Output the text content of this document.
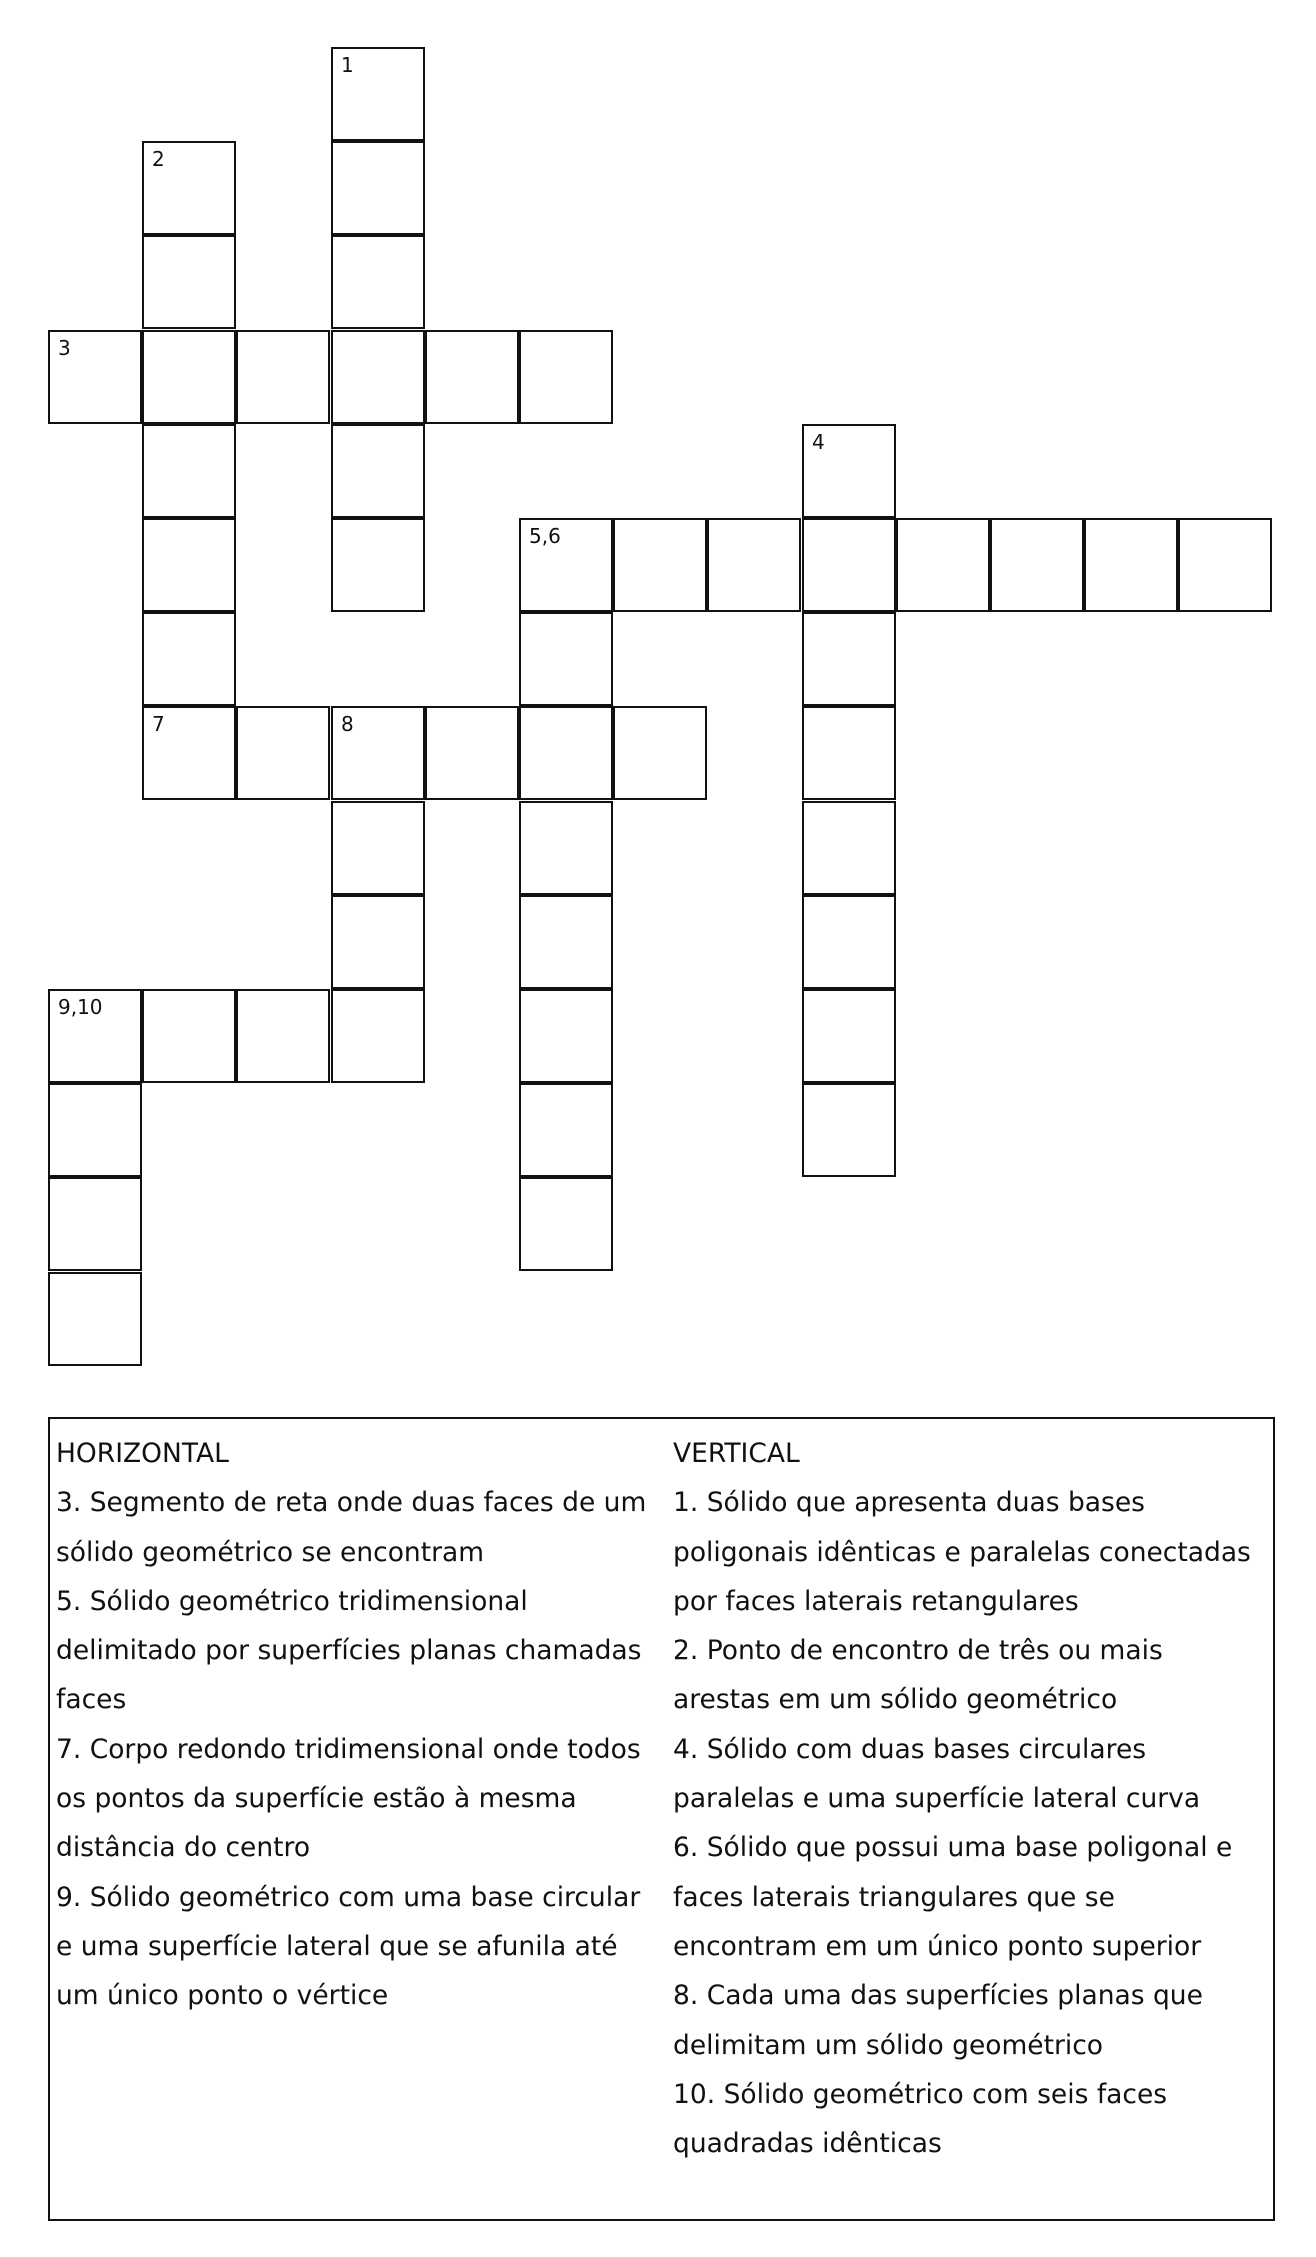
1
2
3
4
5,6
7	8
9,10
HORIZONTAL
3. Segmento de reta onde duas faces de um
sólido geométrico se encontram
5. Sólido geométrico tridimensional
delimitado por superfícies planas chamadas
faces
7. Corpo redondo tridimensional onde todos
os pontos da superfície estão à mesma
distância do centro
9. Sólido geométrico com uma base circular
e uma superfície lateral que se afunila até
um único ponto o vértice
VERTICAL
1. Sólido que apresenta duas bases
poligonais idênticas e paralelas conectadas
por faces laterais retangulares
2. Ponto de encontro de três ou mais
arestas em um sólido geométrico
4. Sólido com duas bases circulares
paralelas e uma superfície lateral curva
6. Sólido que possui uma base poligonal e
faces laterais triangulares que se
encontram em um único ponto superior
8. Cada uma das superfícies planas que
delimitam um sólido geométrico
10. Sólido geométrico com seis faces
quadradas idênticas
